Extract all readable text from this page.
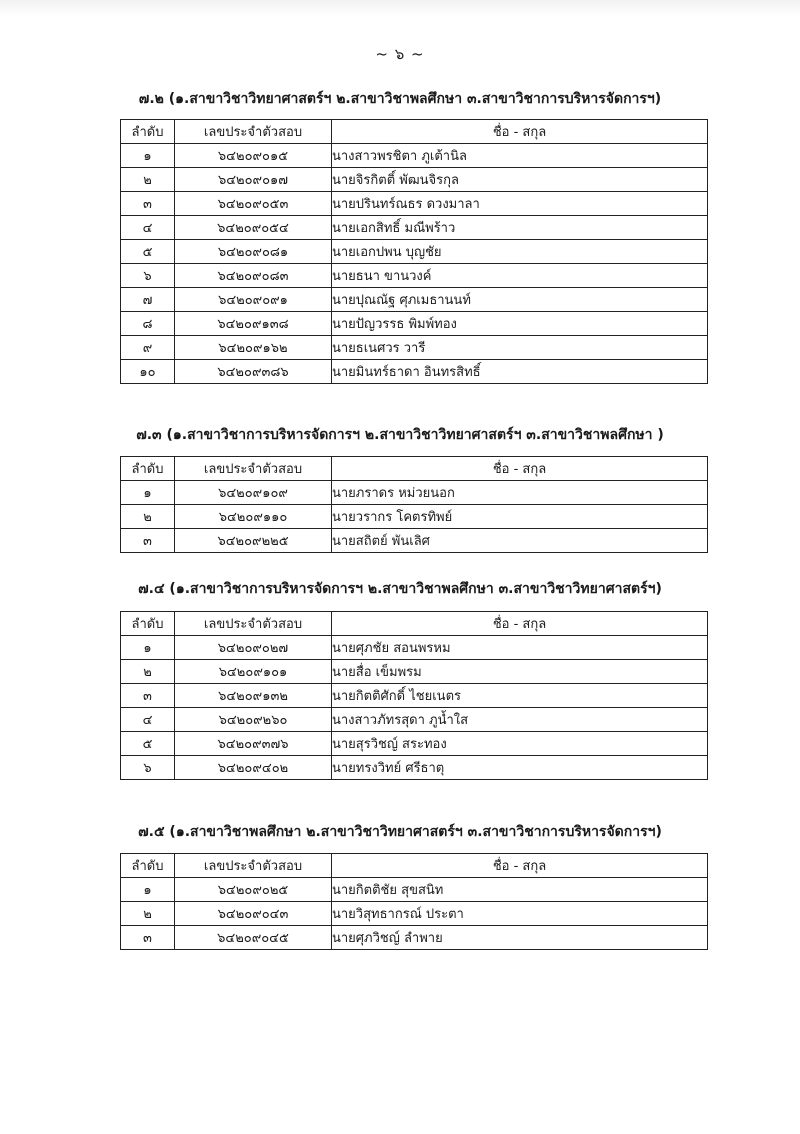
~ ๖ ~
๗.๒ (๑.สาขาวิชาวิทยาศาสตร์ฯ ๒.สาขาวิชาพลศึกษา ๓.สาขาวิชาการบริหารจัดการฯ)
ลำดับ	เลขประจำตัวสอบ	ชื่อ - สกุล
๑	๖๔๒๐๙๐๑๕	นางสาวพรชิตา ภูเต้านิล
๒	๖๔๒๐๙๐๑๗	นายจิรกิตติ์ พัฒนจิรกุล
๓	๖๔๒๐๙๐๕๓	นายปรินทร์ณธร ดวงมาลา
๔	๖๔๒๐๙๐๕๔	นายเอกสิทธิ์ มณีพร้าว
๕	๖๔๒๐๙๐๘๑	นายเอกปพน บุญชัย
๖	๖๔๒๐๙๐๘๓	นายธนา ขานวงค์
๗	๖๔๒๐๙๐๙๑	นายปุณณัฐ ศุภเมธานนท์
๘	๖๔๒๐๙๑๓๘	นายปัญวรรธ พิมพ์ทอง
๙	๖๔๒๐๙๑๖๒	นายธเนศวร วารี
๑๐	๖๔๒๐๙๓๘๖	นายมินทร์ธาดา อินทรสิทธิ์
๗.๓ (๑.สาขาวิชาการบริหารจัดการฯ ๒.สาขาวิชาวิทยาศาสตร์ฯ ๓.สาขาวิชาพลศึกษา )
ลำดับ	เลขประจำตัวสอบ	ชื่อ - สกุล
๑	๖๔๒๐๙๑๐๙	นายภราดร หม่วยนอก
๒	๖๔๒๐๙๑๑๐	นายวรากร โคตรทิพย์
๓	๖๔๒๐๙๒๒๕	นายสถิตย์ พันเลิศ
๗.๔ (๑.สาขาวิชาการบริหารจัดการฯ ๒.สาขาวิชาพลศึกษา ๓.สาขาวิชาวิทยาศาสตร์ฯ)
ลำดับ	เลขประจำตัวสอบ	ชื่อ - สกุล
๑	๖๔๒๐๙๐๒๗	นายศุภชัย สอนพรหม
๒	๖๔๒๐๙๑๐๑	นายสื่อ เข็มพรม
๓	๖๔๒๐๙๑๓๒	นายกิตติศักดิ์ ไชยเนตร
๔	๖๔๒๐๙๒๖๐	นางสาวภัทรสุดา ภูน้ำใส
๕	๖๔๒๐๙๓๗๖	นายสุรวิชญ์ สระทอง
๖	๖๔๒๐๙๔๐๒	นายทรงวิทย์ ศรีธาตุ
๗.๕ (๑.สาขาวิชาพลศึกษา ๒.สาขาวิชาวิทยาศาสตร์ฯ ๓.สาขาวิชาการบริหารจัดการฯ)
ลำดับ	เลขประจำตัวสอบ	ชื่อ - สกุล
๑	๖๔๒๐๙๐๒๕	นายกิตติชัย สุขสนิท
๒	๖๔๒๐๙๐๔๓	นายวิสุทธากรณ์ ประตา
๓	๖๔๒๐๙๐๔๕	นายศุภวิชญ์ ลำพาย
